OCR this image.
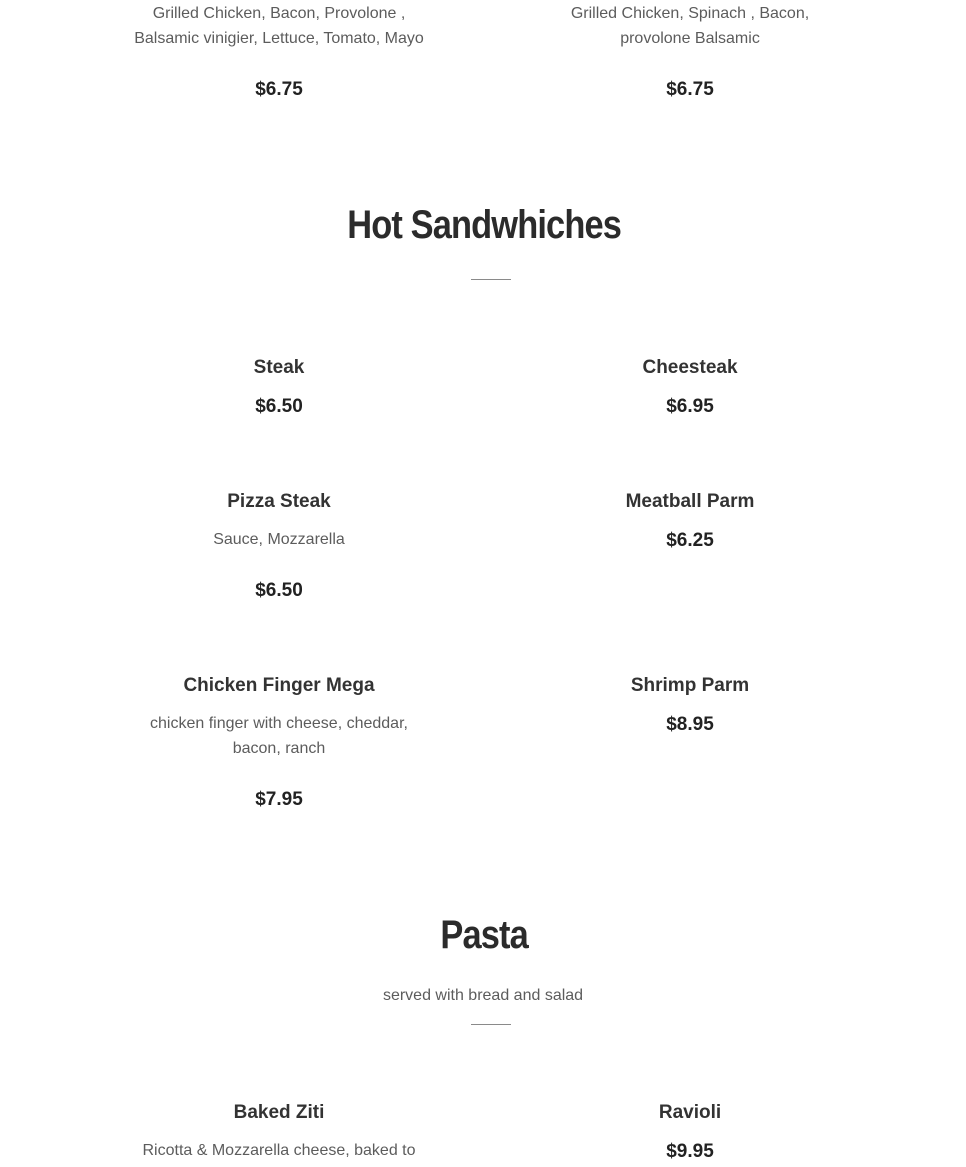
Grilled Chicken, Bacon, Provolone ,

Balsamic vinigier, Lettuce, Tomato, Mayo

$6.75

Grilled Chicken, Spinach , Bacon,

provolone Balsamic

$6.75

Hot Sandwhiches

Steak

$6.50

Cheesteak

$6.95

Pizza Steak

Sauce, Mozzarella

$6.50

Meatball Parm

$6.25

Chicken Finger Mega

chicken finger with cheese, cheddar,

bacon, ranch

$7.95

Shrimp Parm

$8.95

Pasta

served with bread and salad

Baked Ziti

Ricotta & Mozzarella cheese, baked to

Ravioli

$9.95
